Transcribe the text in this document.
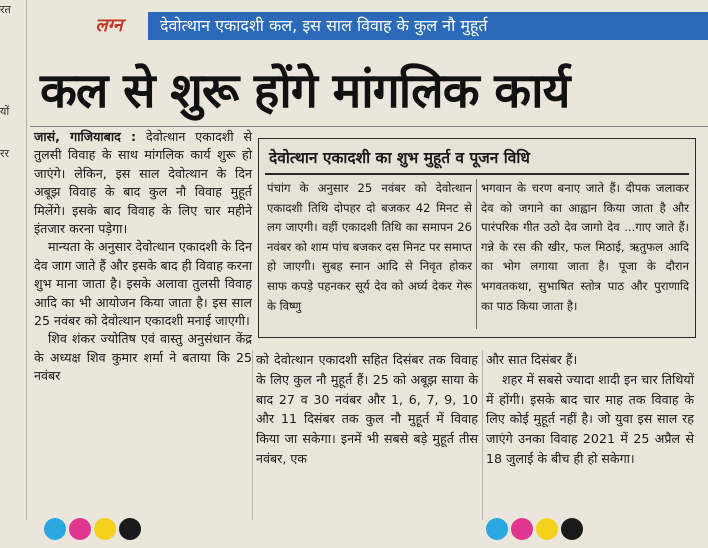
रत
यों
रर
लग्न	देवोत्थान एकादशी कल, इस साल विवाह के कुल नौ मुहूर्त
कल से शुरू होंगे मांगलिक कार्य

जासं, गाजियाबाद : देवोत्थान एकादशी से तुलसी विवाह के साथ मांगलिक कार्य शुरू हो जाएंगे। लेकिन, इस साल देवोत्थान के दिन अबूझ विवाह के बाद कुल नौ विवाह मुहूर्त मिलेंगे। इसके बाद विवाह के लिए चार महीने इंतजार करना पड़ेगा।

मान्यता के अनुसार देवोत्थान एकादशी के दिन देव जाग जाते हैं और इसके बाद ही विवाह करना शुभ माना जाता है। इसके अलावा तुलसी विवाह आदि का भी आयोजन किया जाता है। इस साल 25 नवंबर को देवोत्थान एकादशी मनाई जाएगी।

शिव शंकर ज्योतिष एवं वास्तु अनुसंधान केंद्र के अध्यक्ष शिव कुमार शर्मा ने बताया कि 25 नवंबर

देवोत्थान एकादशी का शुभ मुहूर्त व पूजन विधि
पंचांग के अनुसार 25 नवंबर को देवोत्थान एकादशी तिथि दोपहर दो बजकर 42 मिनट से लग जाएगी। वहीं एकादशी तिथि का समापन 26 नवंबर को शाम पांच बजकर दस मिनट पर समाप्त हो जाएगी। सुबह स्नान आदि से निवृत होकर साफ कपड़े पहनकर सूर्य देव को अर्घ्य देकर गेरू के विष्णु
भगवान के चरण बनाए जाते हैं। दीपक जलाकर देव को जगाने का आह्वान किया जाता है और पारंपरिक गीत उठो देव जागो देव ...गाए जाते हैं। गन्ने के रस की खीर, फल मिठाई, ऋतुफल आदि का भोग लगाया जाता है। पूजा के दौरान भगवतकथा, सुभाषित स्तोत्र पाठ और पुराणादि का पाठ किया जाता है।

को देवोत्थान एकादशी सहित दिसंबर तक विवाह के लिए कुल नौ मुहूर्त हैं। 25 को अबूझ साया के बाद 27 व 30 नवंबर और 1, 6, 7, 9, 10 और 11 दिसंबर तक कुल नौ मुहूर्त में विवाह किया जा सकेगा। इनमें भी सबसे बड़े मुहूर्त तीस नवंबर, एक

और सात दिसंबर हैं।

शहर में सबसे ज्यादा शादी इन चार तिथियों में होंगी। इसके बाद चार माह तक विवाह के लिए कोई मुहूर्त नहीं है। जो युवा इस साल रह जाएंगे उनका विवाह 2021 में 25 अप्रैल से 18 जुलाई के बीच ही हो सकेगा।
